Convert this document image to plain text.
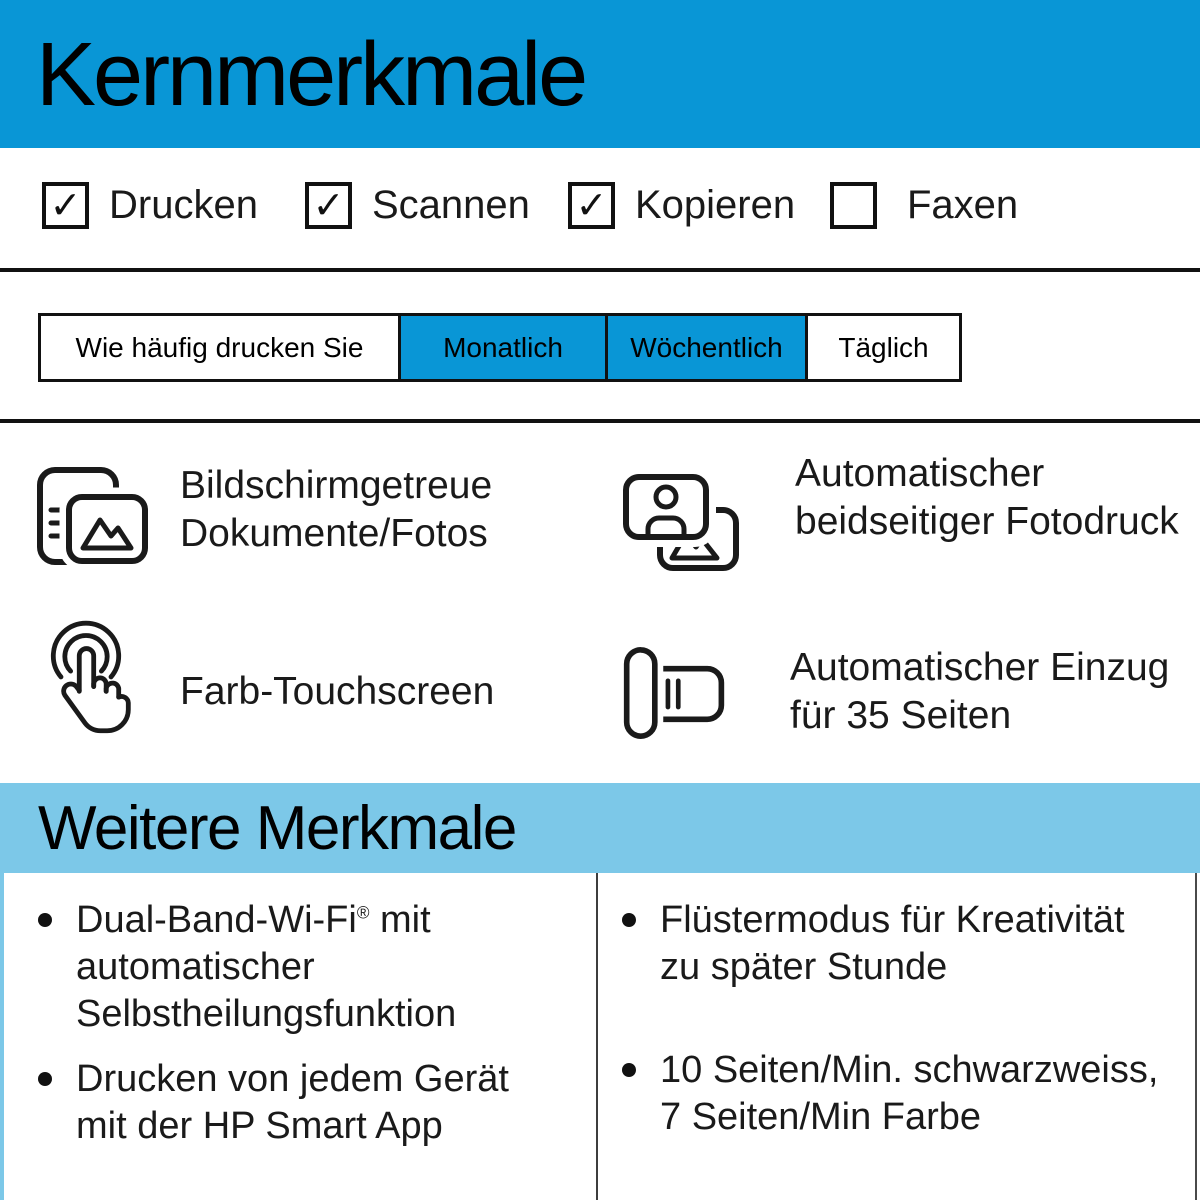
Kernmerkmale
✓ Drucken ✓ Scannen ✓ Kopieren	Faxen
Wie häufig drucken Sie	Monatlich	Wöchentlich	Täglich

Bildschirmgetreue Dokumente/Fotos

Automatischer beidseitiger Fotodruck

Farb-Touchscreen

Automatischer Einzug für 35 Seiten

Weitere Merkmale

Dual-Band-Wi-Fi® mit automatischer Selbstheilungsfunktion

Drucken von jedem Gerät mit der HP Smart App

Flüstermodus für Kreativität zu später Stunde

10 Seiten/Min. schwarzweiss, 7 Seiten/Min Farbe
